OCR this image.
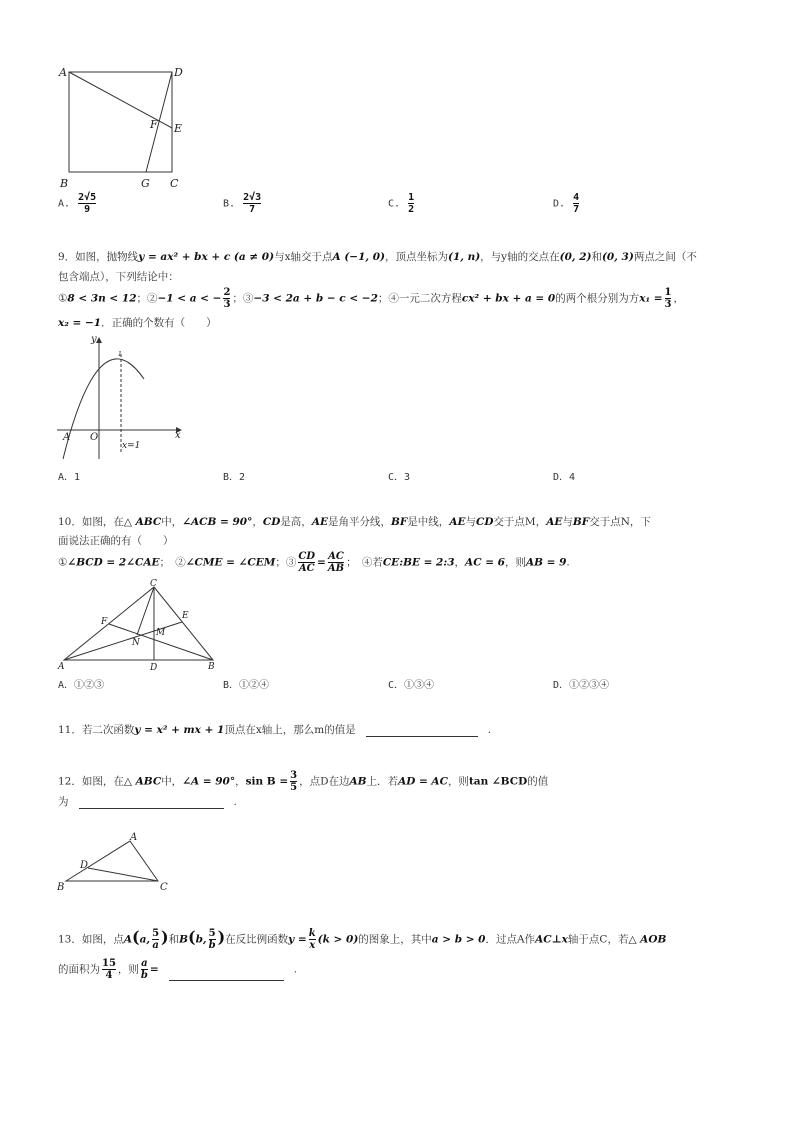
A	D
F E
B	G C
A. $\frac{2√5}{9}$	B. $\frac{2√3}{7}$	C. $\frac{1}{2}$	D. $\frac{4}{7}$
9．如图，抛物线y = ax² + bx + c (a ≠ 0)与x轴交于点A (−1, 0)，顶点坐标为(1, n)，与y轴的交点在(0, 2)和(0, 3)两点之间（不
包含端点），下列结论中：
①8 < 3n < 12；②−1 < a < − $\frac{2}{3}$ ；③−3 < 2a + b − c < −2；④一元二次方程cx² + bx + a = 0的两个根分别为方$x_1 = \frac{1}{3}$ ，
x₂ = −1．正确的个数有（　　）
y
x
A O
x=1
1
A．1	B．2	C．3	D．4
10．如图，在△ ABC中，∠ACB = 90°，CD是高，AE是角平分线，BF是中线，AE与CD交于点M，AE与BF交于点N，下
面说法正确的有（　　）
①∠BCD = 2∠CAE；　②∠CME = ∠CEM；③ $\frac{CD}{AC} = \frac{AC}{AB}$ ；　④若CE:BE = 2:3，AC = 6，则AB = 9.
C
F
E
N
M
A	D	B
A．①②③	B．①②④	C．①③④	D．①②③④
11．若二次函数y = x² + mx + 1顶点在x轴上，那么m的值是	.
12．如图，在△ ABC中，∠A = 90°，$\sin B = \frac{3}{5}$ ，点D在边AB上．若AD = AC，则tan ∠BCD的值
为	.
A
D
B	C
13．如图，点A(a, $\frac{5}{a}$ )和B(b, $\frac{5}{b}$ )在反比例函数$y = \frac{k}{x} (k > 0)$的图象上，其中a > b > 0．过点A作AC⊥x轴于点C，若△ AOB
的面积为 $\frac{15}{4}$ ，则 $\frac{a}{b}$ =	.
